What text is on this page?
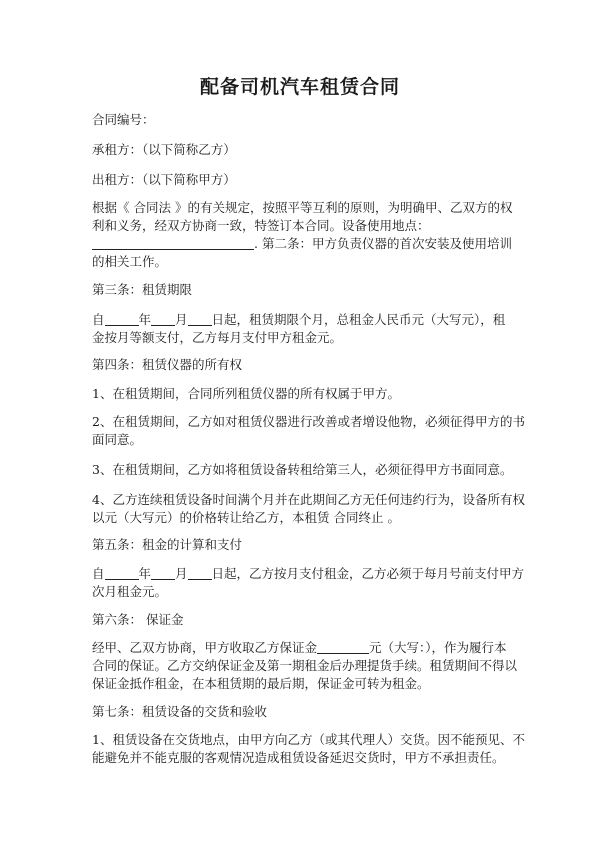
配备司机汽车租赁合同
合同编号：
承租方：（以下简称乙方）
出租方：（以下简称甲方）
根据《 合同法 》的有关规定，按照平等互利的原则，为明确甲、乙双方的权
利和义务，经双方协商一致，特签订本合同。设备使用地点：
. 第二条：甲方负责仪器的首次安装及使用培训
的相关工作。
第三条：租赁期限
自	年 月 日起，租赁期限个月，总租金人民币元（大写元），租
金按月等额支付，乙方每月支付甲方租金元。
第四条：租赁仪器的所有权
1、在租赁期间，合同所列租赁仪器的所有权属于甲方。
2、在租赁期间，乙方如对租赁仪器进行改善或者增设他物，必须征得甲方的书
面同意。
3、在租赁期间，乙方如将租赁设备转租给第三人，必须征得甲方书面同意。
4、乙方连续租赁设备时间满个月并在此期间乙方无任何违约行为，设备所有权
以元（大写元）的价格转让给乙方，本租赁 合同终止 。
第五条：租金的计算和支付
自	年 月 日起，乙方按月支付租金，乙方必须于每月号前支付甲方
次月租金元。
第六条： 保证金
经甲、乙双方协商，甲方收取乙方保证金	元（大写：），作为履行本
合同的保证。乙方交纳保证金及第一期租金后办理提货手续。租赁期间不得以
保证金抵作租金，在本租赁期的最后期，保证金可转为租金。
第七条：租赁设备的交货和验收
1、租赁设备在交货地点，由甲方向乙方（或其代理人）交货。因不能预见、不
能避免并不能克服的客观情况造成租赁设备延迟交货时，甲方不承担责任。
